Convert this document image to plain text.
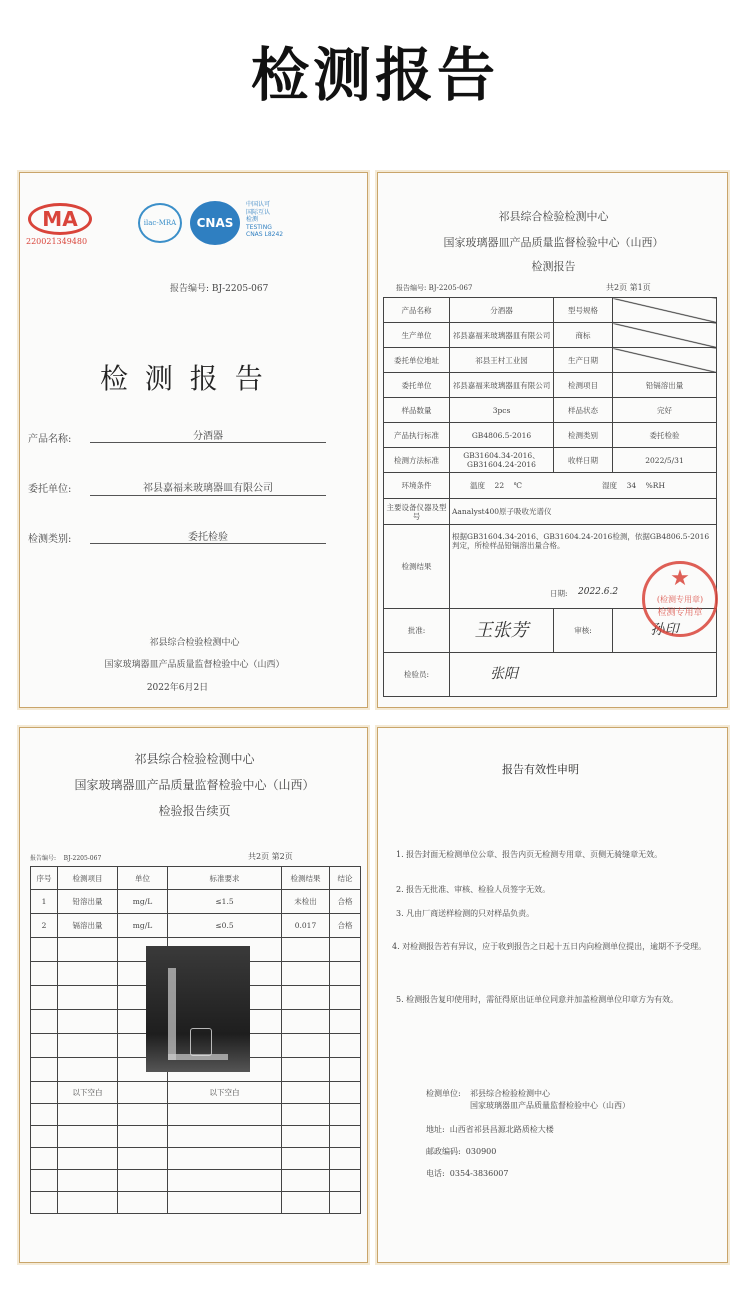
检测报告
MA
220021349480
ilac-MRA	CNAS
中国认可
国际互认
检测
TESTING
CNAS L8242
报告编号: BJ-2205-067
检 测 报 告
产品名称:	分酒器
委托单位:	祁县嘉福来玻璃器皿有限公司
检测类别:	委托检验
祁县综合检验检测中心
国家玻璃器皿产品质量监督检验中心（山西）
2022年6月2日
祁县综合检验检测中心
国家玻璃器皿产品质量监督检验中心（山西）
检测报告
报告编号: BJ-2205-067	共2页 第1页
产品名称	分酒器	型号规格	
生产单位	祁县嘉福来玻璃器皿有限公司	商标	
委托单位地址	祁县王村工业园	生产日期	
委托单位	祁县嘉福来玻璃器皿有限公司	检测项目	铅镉溶出量
样品数量	3pcs	样品状态	完好
产品执行标准	GB4806.5-2016	检测类别	委托检验
检测方法标准	GB31604.34-2016、GB31604.24-2016	收样日期	2022/5/31
环境条件	温度 22 ℃ 湿度 34 %RH		
主要设备仪器及型号	Aanalyst400原子吸收光谱仪		
检测结果	根据GB31604.34-2016、GB31604.24-2016检测，依据GB4806.5-2016判定，所检样品铅镉溶出量合格。
日期:		

批准:	王张芳	审核:	孙印
检验员:	张阳		
★
(检测专用章)
检测专用章
2022.6.2
祁县综合检验检测中心
国家玻璃器皿产品质量监督检验中心（山西）
检验报告续页
报告编号: BJ-2205-067	共2页 第2页
序号	检测项目	单位	标准要求	检测结果	结论
1	铅溶出量	mg/L	≤1.5	未检出	合格
2	镉溶出量	mg/L	≤0.5	0.017	合格

	以下空白		以下空白		

报告有效性申明
1. 报告封面无检测单位公章、报告内页无检测专用章、页侧无骑缝章无效。
2. 报告无批准、审核、检验人员签字无效。
3. 凡由厂商送样检测的只对样品负责。
4. 对检测报告若有异议，应于收到报告之日起十五日内向检测单位提出，逾期不予受理。
5. 检测报告复印使用时，需征得原出证单位同意并加盖检测单位印章方为有效。
检测单位: 祁县综合检验检测中心
国家玻璃器皿产品质量监督检验中心（山西）
地址: 山西省祁县昌源北路质检大楼
邮政编码: 030900
电话: 0354-3836007
